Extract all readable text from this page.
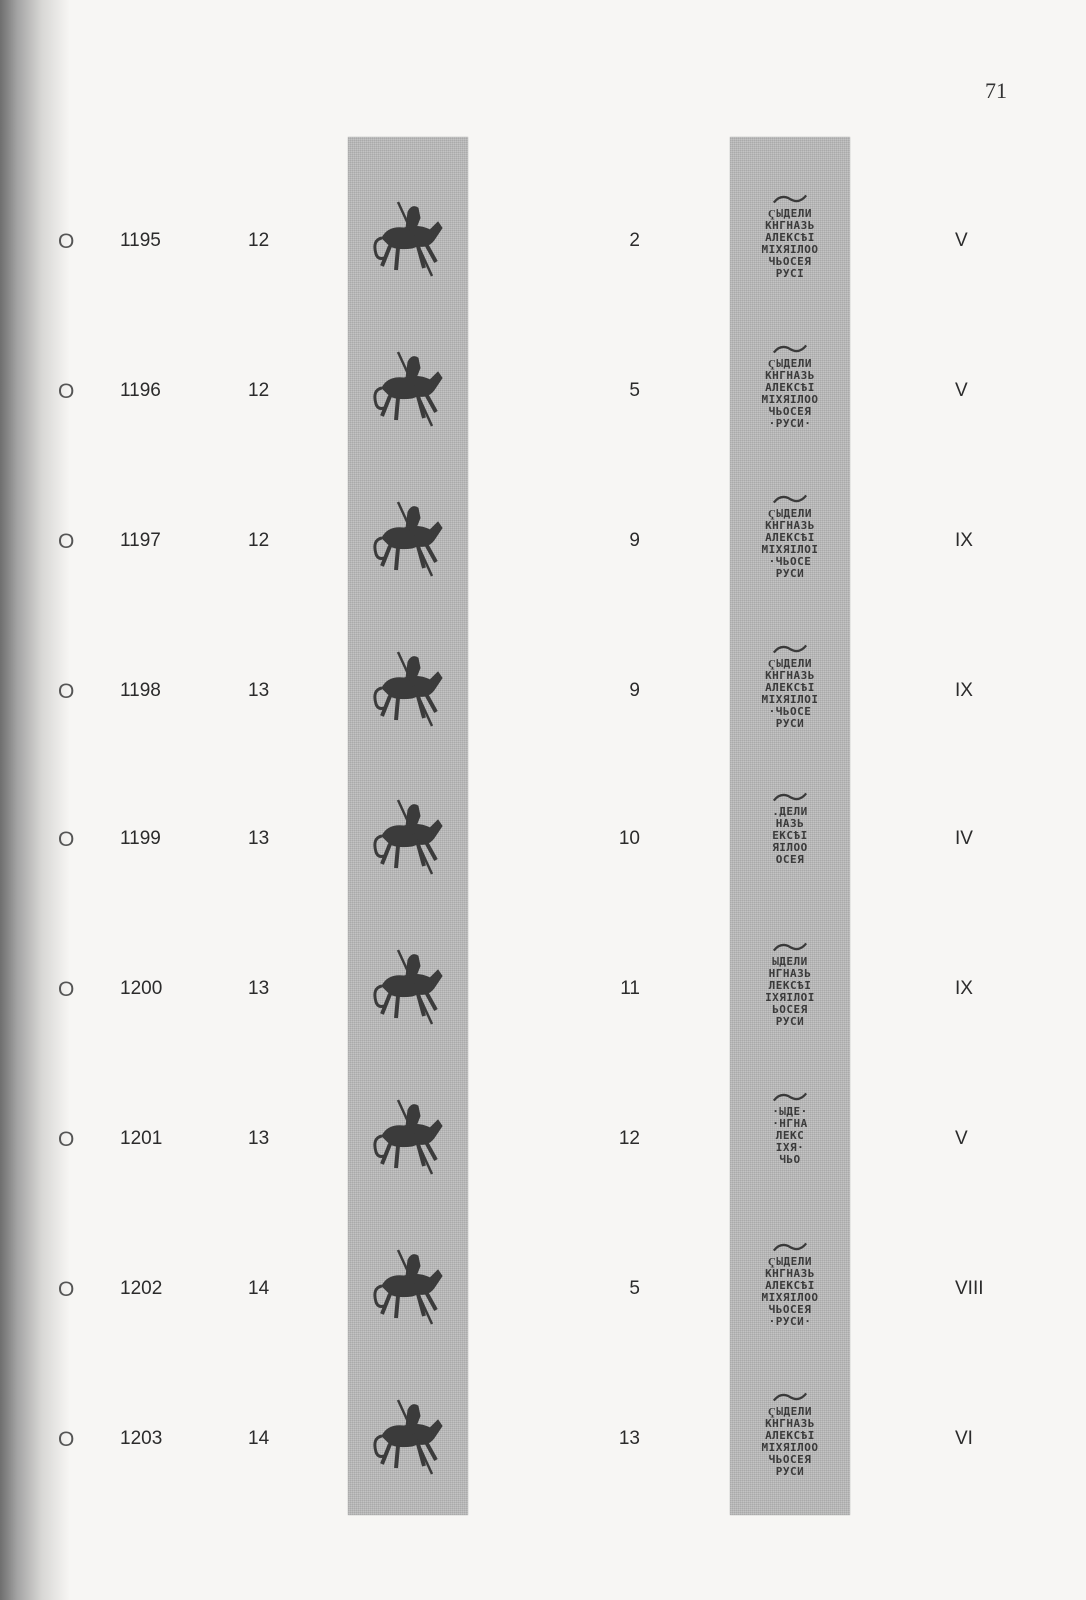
71
O 1195	12	2	V
ҀЫДЕЛИ
КНГНАЗЬ
АЛЕКСѢІ
МІХЯІЛОО
ЧЬОСЕЯ
РУСІ
O 1196	12	5	V
ҀЫДЕЛИ
КНГНАЗЬ
АЛЕКСѢІ
МІХЯІЛОО
ЧЬОСЕЯ
·РУСИ·
O 1197	12	9	IX
ҀЫДЕЛИ
КНГНАЗЬ
АЛЕКСѢІ
МІХЯІЛОІ
·ЧЬОСЕ
РУСИ
O 1198	13	9	IX
ҀЫДЕЛИ
КНГНАЗЬ
АЛЕКСѢІ
МІХЯІЛОІ
·ЧЬОСЕ
РУСИ
O 1199	13	10	IV
.ДЕЛИ
НАЗЬ
ЕКСѢІ
ЯІЛОО
ОСЕЯ
O 1200	13	11	IX
ЫДЕЛИ
НГНАЗЬ
ЛЕКСѢІ
ІХЯІЛОІ
ЬОСЕЯ
РУСИ
O 1201	13	12	V
·ЫДЕ·
·НГНА
ЛЕКС
ІХЯ·
ЧЬО
O 1202	14	5	VIII
ҀЫДЕЛИ
КНГНАЗЬ
АЛЕКСѢІ
МІХЯІЛОО
ЧЬОСЕЯ
·РУСИ·
O 1203	14	13	VI
ҀЫДЕЛИ
КНГНАЗЬ
АЛЕКСѢІ
МІХЯІЛОО
ЧЬОСЕЯ
РУСИ
